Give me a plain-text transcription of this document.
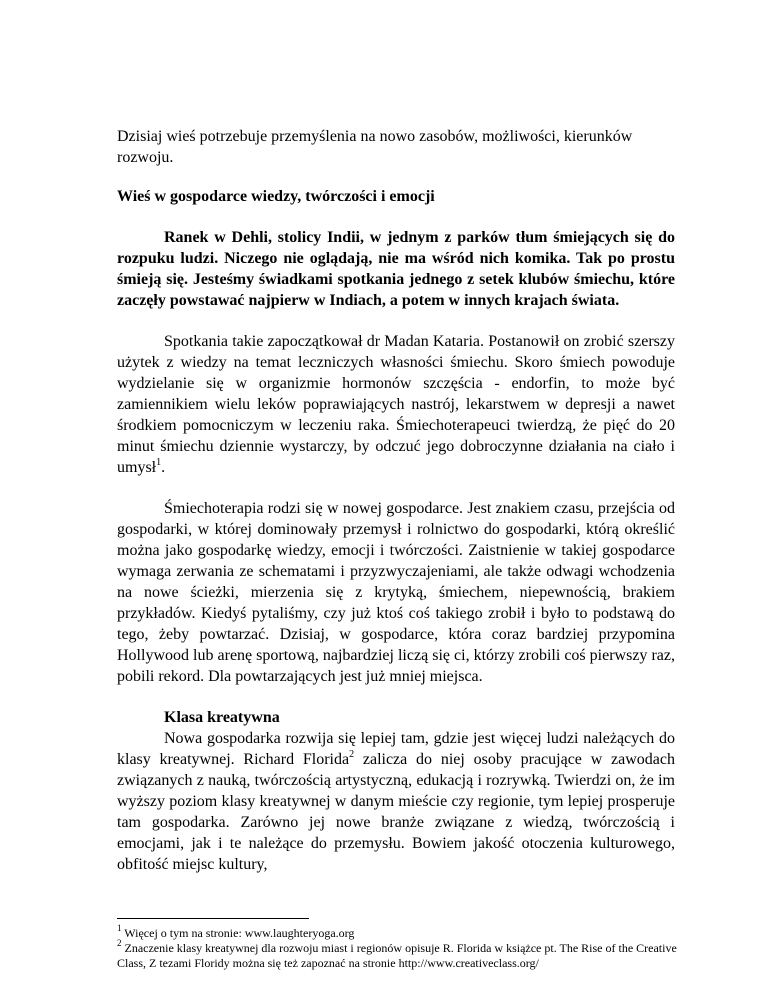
Dzisiaj wieś potrzebuje przemyślenia na nowo zasobów, możliwości, kierunków rozwoju.

Wieś w gospodarce wiedzy, twórczości i emocji

Ranek w Dehli, stolicy Indii, w jednym z parków tłum śmiejących się do rozpuku ludzi. Niczego nie oglądają, nie ma wśród nich komika. Tak po prostu śmieją się. Jesteśmy świadkami spotkania jednego z setek klubów śmiechu, które zaczęły powstawać najpierw w Indiach, a potem w innych krajach świata.

Spotkania takie zapoczątkował dr Madan Kataria. Postanowił on zrobić szerszy użytek z wiedzy na temat leczniczych własności śmiechu. Skoro śmiech powoduje wydzielanie się w organizmie hormonów szczęścia - endorfin, to może być zamiennikiem wielu leków poprawiających nastrój, lekarstwem w depresji a nawet środkiem pomocniczym w leczeniu raka. Śmiechoterapeuci twierdzą, że pięć do 20 minut śmiechu dziennie wystarczy, by odczuć jego dobroczynne działania na ciało i umysł$^1$.

Śmiechoterapia rodzi się w nowej gospodarce. Jest znakiem czasu, przejścia od gospodarki, w której dominowały przemysł i rolnictwo do gospodarki, którą określić można jako gospodarkę wiedzy, emocji i twórczości. Zaistnienie w takiej gospodarce wymaga zerwania ze schematami i przyzwyczajeniami, ale także odwagi wchodzenia na nowe ścieżki, mierzenia się z krytyką, śmiechem, niepewnością, brakiem przykładów. Kiedyś pytaliśmy, czy już ktoś coś takiego zrobił i było to podstawą do tego, żeby powtarzać. Dzisiaj, w gospodarce, która coraz bardziej przypomina Hollywood lub arenę sportową, najbardziej liczą się ci, którzy zrobili coś pierwszy raz, pobili rekord. Dla powtarzających jest już mniej miejsca.

Klasa kreatywna

Nowa gospodarka rozwija się lepiej tam, gdzie jest więcej ludzi należących do klasy kreatywnej. Richard Florida$^2$ zalicza do niej osoby pracujące w zawodach związanych z nauką, twórczością artystyczną, edukacją i rozrywką. Twierdzi on, że im wyższy poziom klasy kreatywnej w danym mieście czy regionie, tym lepiej prosperuje tam gospodarka. Zarówno jej nowe branże związane z wiedzą, twórczością i emocjami, jak i te należące do przemysłu. Bowiem jakość otoczenia kulturowego, obfitość miejsc kultury,

$^1$ Więcej o tym na stronie: www.laughteryoga.org

$^2$ Znaczenie klasy kreatywnej dla rozwoju miast i regionów opisuje R. Florida w książce pt. The Rise of the Creative Class, Z tezami Floridy można się też zapoznać na stronie http://www.creativeclass.org/
